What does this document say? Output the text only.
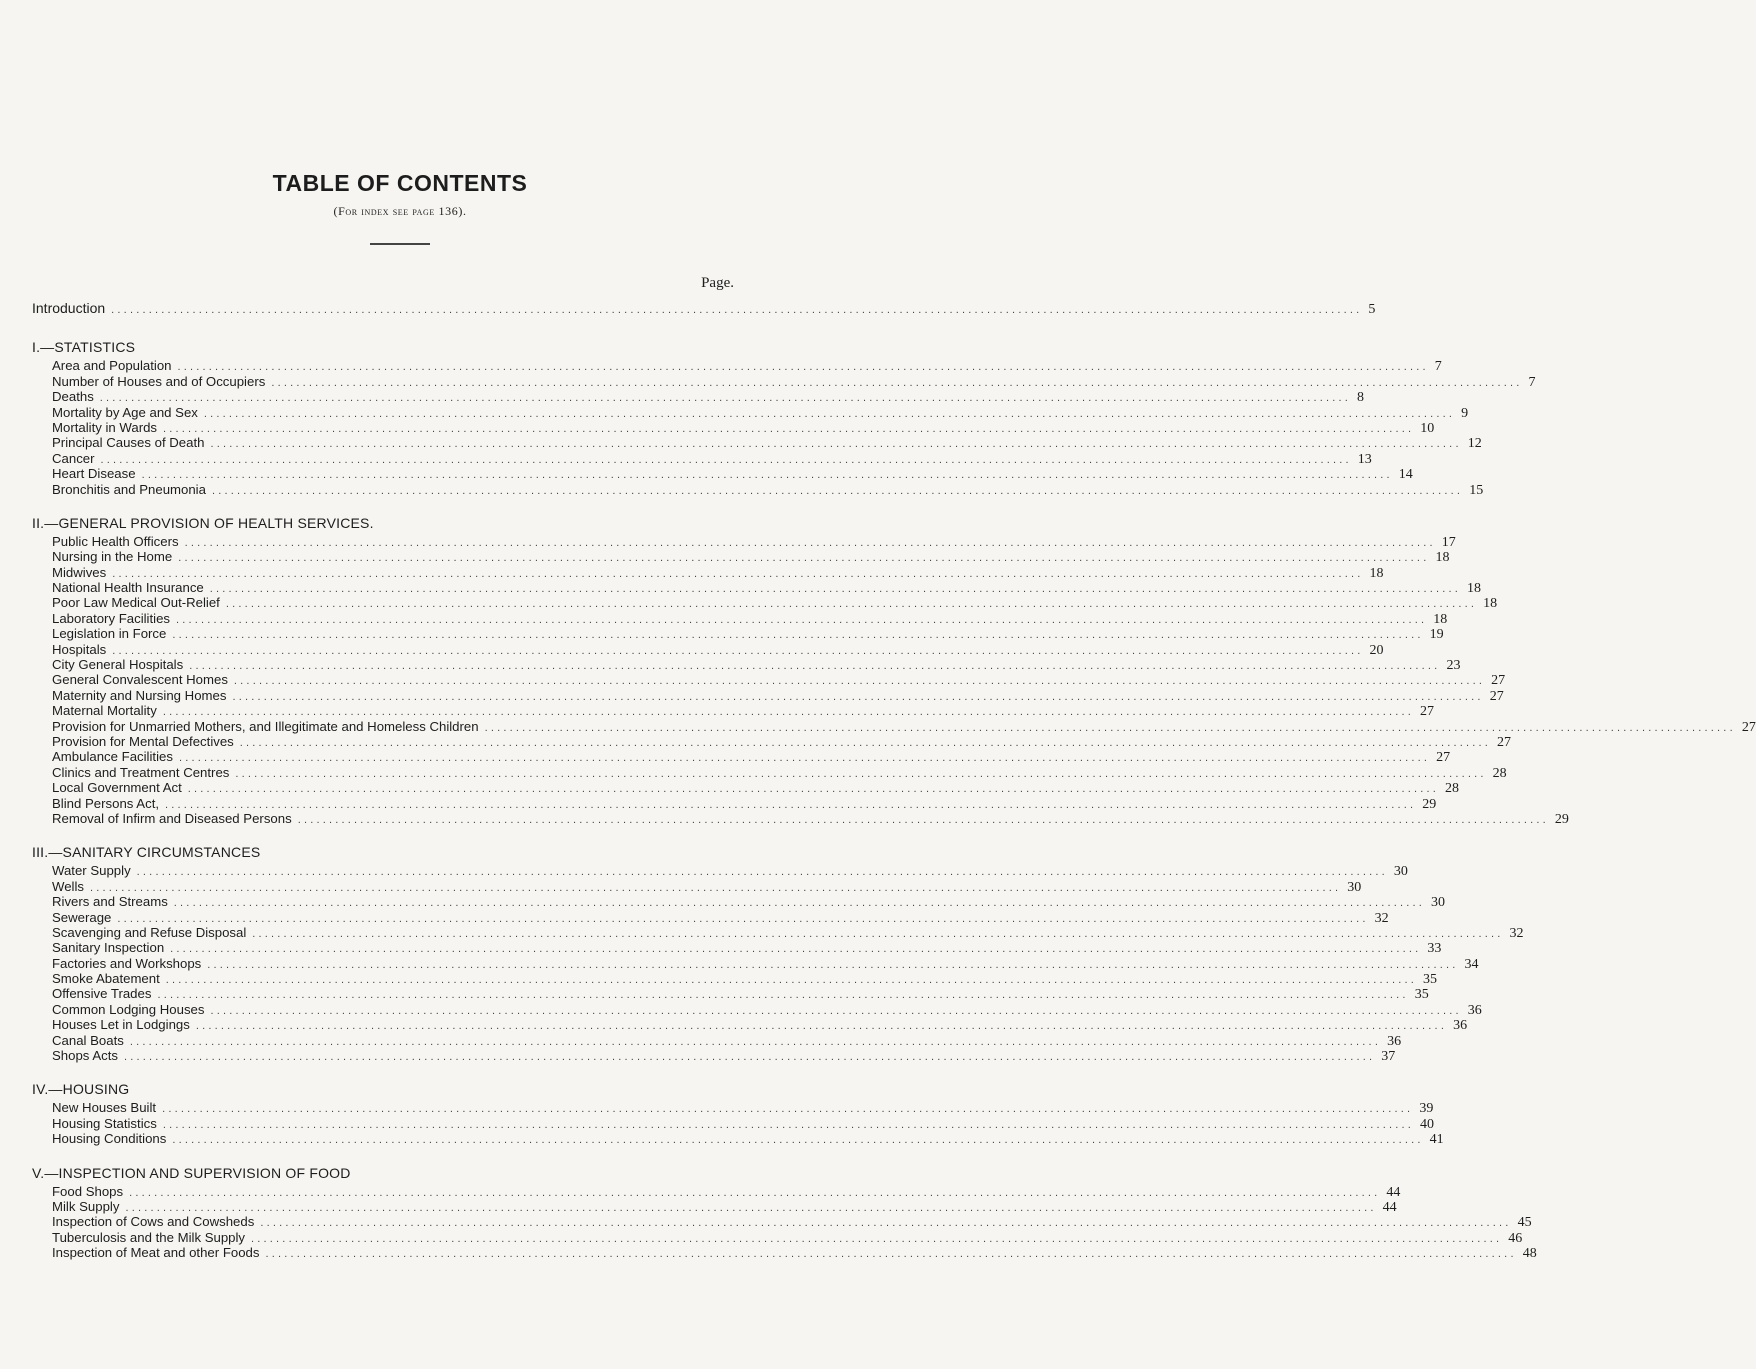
TABLE OF CONTENTS
(For index see page 136).
Page.
Introduction ........................................................................................................................................................................................................ 5
I.—STATISTICS
Area and Population ........................................................................................................................................................................................................ 7
Number of Houses and of Occupiers ........................................................................................................................................................................................................ 7
Deaths ........................................................................................................................................................................................................ 8
Mortality by Age and Sex ........................................................................................................................................................................................................ 9
Mortality in Wards ........................................................................................................................................................................................................ 10
Principal Causes of Death ........................................................................................................................................................................................................ 12
Cancer ........................................................................................................................................................................................................ 13
Heart Disease ........................................................................................................................................................................................................ 14
Bronchitis and Pneumonia ........................................................................................................................................................................................................ 15
II.—GENERAL PROVISION OF HEALTH SERVICES.
Public Health Officers ........................................................................................................................................................................................................ 17
Nursing in the Home ........................................................................................................................................................................................................ 18
Midwives ........................................................................................................................................................................................................ 18
National Health Insurance ........................................................................................................................................................................................................ 18
Poor Law Medical Out-Relief ........................................................................................................................................................................................................ 18
Laboratory Facilities ........................................................................................................................................................................................................ 18
Legislation in Force ........................................................................................................................................................................................................ 19
Hospitals ........................................................................................................................................................................................................ 20
City General Hospitals ........................................................................................................................................................................................................ 23
General Convalescent Homes ........................................................................................................................................................................................................ 27
Maternity and Nursing Homes ........................................................................................................................................................................................................ 27
Maternal Mortality ........................................................................................................................................................................................................ 27
Provision for Unmarried Mothers, and Illegitimate and Homeless Children ........................................................................................................................................................................................................ 27
Provision for Mental Defectives ........................................................................................................................................................................................................ 27
Ambulance Facilities ........................................................................................................................................................................................................ 27
Clinics and Treatment Centres ........................................................................................................................................................................................................ 28
Local Government Act ........................................................................................................................................................................................................ 28
Blind Persons Act, ........................................................................................................................................................................................................ 29
Removal of Infirm and Diseased Persons ........................................................................................................................................................................................................ 29
III.—SANITARY CIRCUMSTANCES
Water Supply ........................................................................................................................................................................................................ 30
Wells ........................................................................................................................................................................................................ 30
Rivers and Streams ........................................................................................................................................................................................................ 30
Sewerage ........................................................................................................................................................................................................ 32
Scavenging and Refuse Disposal ........................................................................................................................................................................................................ 32
Sanitary Inspection ........................................................................................................................................................................................................ 33
Factories and Workshops ........................................................................................................................................................................................................ 34
Smoke Abatement ........................................................................................................................................................................................................ 35
Offensive Trades ........................................................................................................................................................................................................ 35
Common Lodging Houses ........................................................................................................................................................................................................ 36
Houses Let in Lodgings ........................................................................................................................................................................................................ 36
Canal Boats ........................................................................................................................................................................................................ 36
Shops Acts ........................................................................................................................................................................................................ 37
IV.—HOUSING
New Houses Built ........................................................................................................................................................................................................ 39
Housing Statistics ........................................................................................................................................................................................................ 40
Housing Conditions ........................................................................................................................................................................................................ 41
V.—INSPECTION AND SUPERVISION OF FOOD
Food Shops ........................................................................................................................................................................................................ 44
Milk Supply ........................................................................................................................................................................................................ 44
Inspection of Cows and Cowsheds ........................................................................................................................................................................................................ 45
Tuberculosis and the Milk Supply ........................................................................................................................................................................................................ 46
Inspection of Meat and other Foods ........................................................................................................................................................................................................ 48
